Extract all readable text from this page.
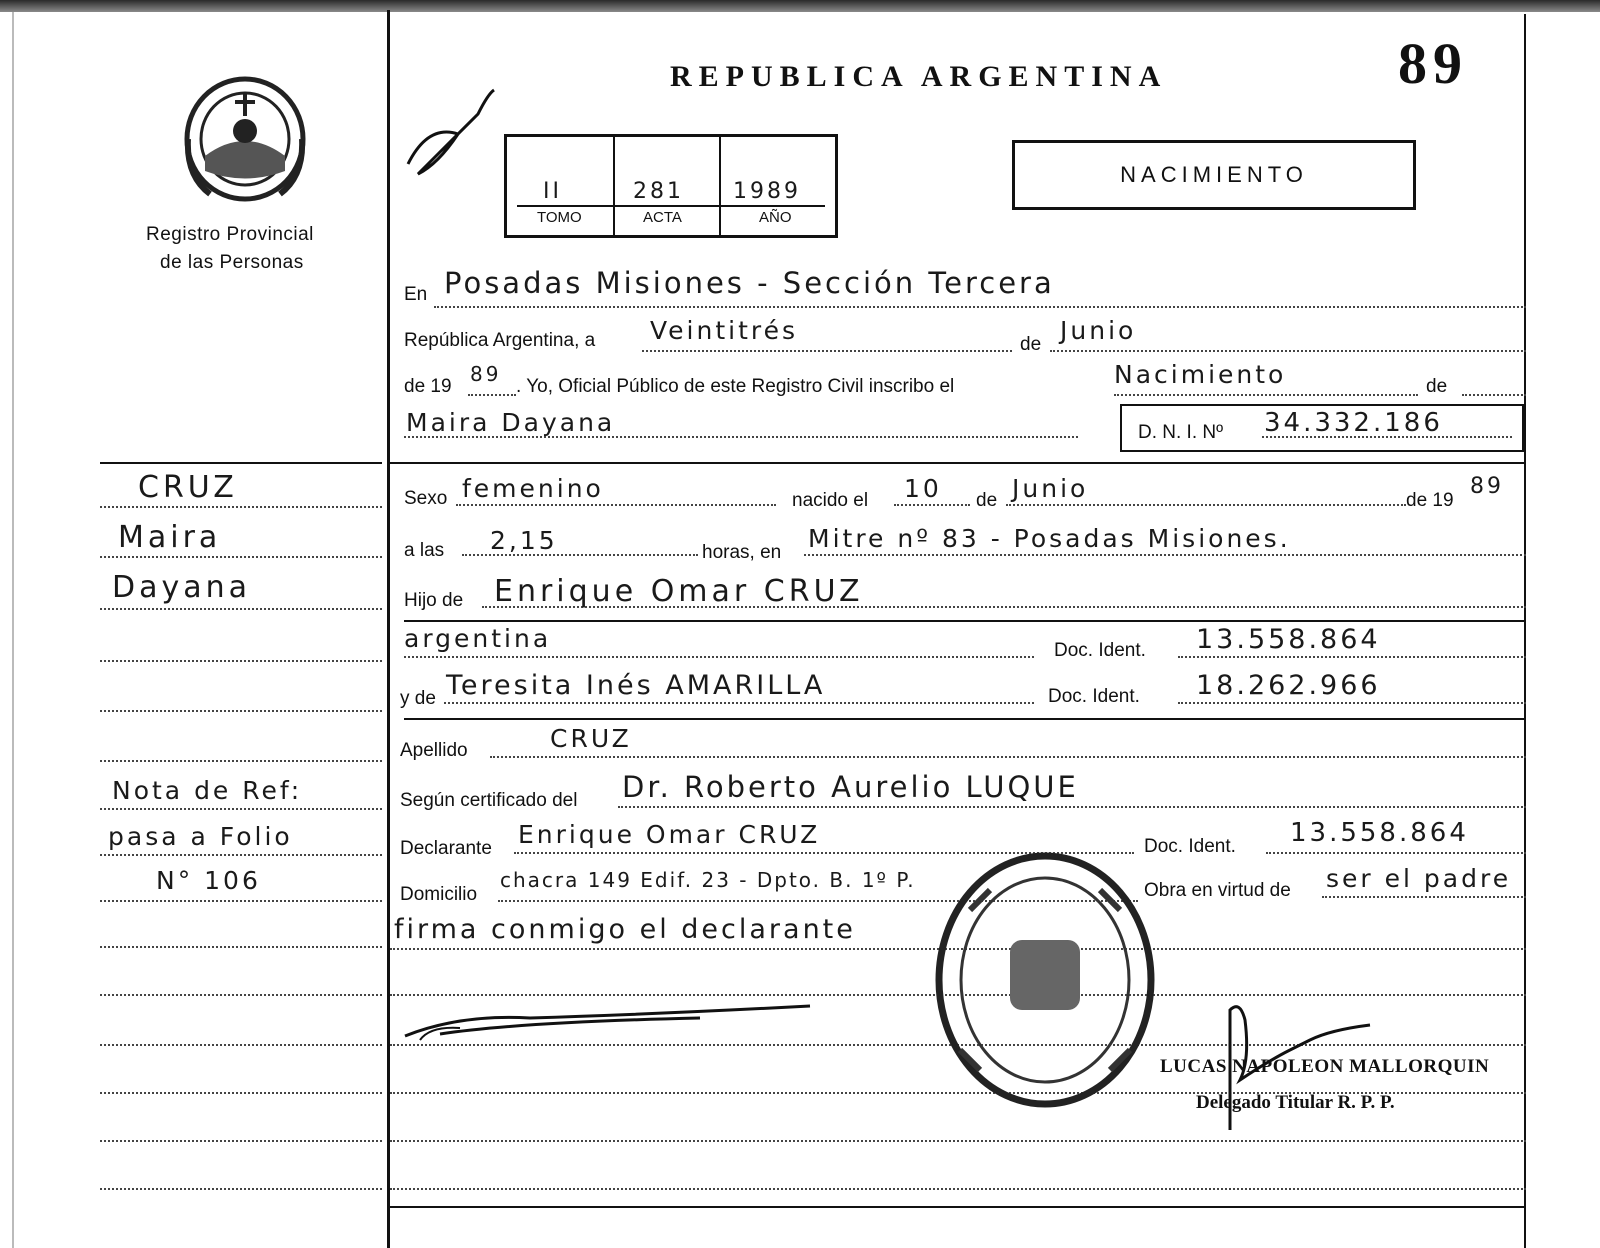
89
Registro Provincial
de las Personas
REPUBLICA ARGENTINA
II	281 1989
TOMO	ACTA	AÑO
NACIMIENTO
CRUZ
Maira
Dayana
Nota de Ref:
pasa a Folio
N° 106
En Posadas Misiones - Sección Tercera
República Argentina, a Veintitrés	de Junio
de 19
89
. Yo, Oficial Público de este Registro Civil inscribo el	Nacimiento	de
Maira Dayana	D. N. I. Nº 34.332.186
Sexo femenino	nacido el 10 de Junio	de 19
89
a las 2,15	horas, en Mitre nº 83 - Posadas Misiones.
Hijo de Enrique Omar CRUZ
argentina	Doc. Ident. 13.558.864
y de Teresita Inés AMARILLA	Doc. Ident. 18.262.966
Apellido	CRUZ
Según certificado del Dr. Roberto Aurelio LUQUE
Declarante Enrique Omar CRUZ	Doc. Ident. 13.558.864
Domicilio
chacra 149 Edif. 23 - Dpto. B. 1º P.	Obra en virtud de ser el padre
firma conmigo el declarante
LUCAS NAPOLEON MALLORQUIN
Delegado Titular R. P. P.
